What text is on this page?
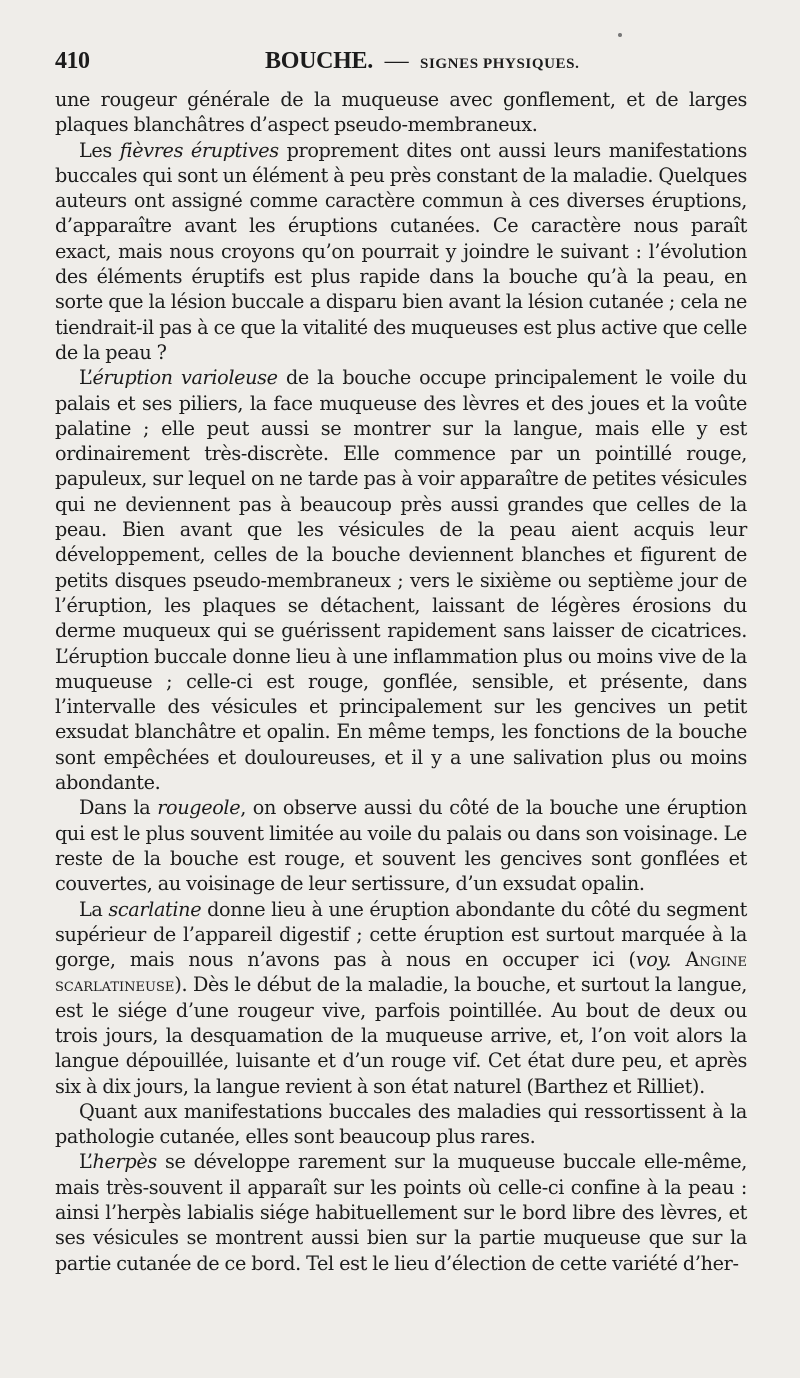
410	BOUCHE. — SIGNES PHYSIQUES.

une rougeur générale de la muqueuse avec gonflement, et de larges plaques blanchâtres d’aspect pseudo-membraneux.

Les fièvres éruptives proprement dites ont aussi leurs manifestations buccales qui sont un élément à peu près constant de la maladie. Quelques auteurs ont assigné comme caractère commun à ces diverses éruptions, d’apparaître avant les éruptions cutanées. Ce caractère nous paraît exact, mais nous croyons qu’on pourrait y joindre le suivant : l’évolution des éléments éruptifs est plus rapide dans la bouche qu’à la peau, en sorte que la lésion buccale a disparu bien avant la lésion cutanée ; cela ne tiendrait-il pas à ce que la vitalité des muqueuses est plus active que celle de la peau ?

L’éruption varioleuse de la bouche occupe principalement le voile du palais et ses piliers, la face muqueuse des lèvres et des joues et la voûte palatine ; elle peut aussi se montrer sur la langue, mais elle y est ordinairement très-discrète. Elle commence par un pointillé rouge, papuleux, sur lequel on ne tarde pas à voir apparaître de petites vésicules qui ne deviennent pas à beaucoup près aussi grandes que celles de la peau. Bien avant que les vésicules de la peau aient acquis leur développement, celles de la bouche deviennent blanches et figurent de petits disques pseudo-membraneux ; vers le sixième ou septième jour de l’éruption, les plaques se détachent, laissant de légères érosions du derme muqueux qui se guérissent rapidement sans laisser de cicatrices. L’éruption buccale donne lieu à une inflammation plus ou moins vive de la muqueuse ; celle-ci est rouge, gonflée, sensible, et présente, dans l’intervalle des vésicules et principalement sur les gencives un petit exsudat blanchâtre et opalin. En même temps, les fonctions de la bouche sont empêchées et douloureuses, et il y a une salivation plus ou moins abondante.

Dans la rougeole, on observe aussi du côté de la bouche une éruption qui est le plus souvent limitée au voile du palais ou dans son voisinage. Le reste de la bouche est rouge, et souvent les gencives sont gonflées et couvertes, au voisinage de leur sertissure, d’un exsudat opalin.

La scarlatine donne lieu à une éruption abondante du côté du segment supérieur de l’appareil digestif ; cette éruption est surtout marquée à la gorge, mais nous n’avons pas à nous en occuper ici (voy. Angine scarlatineuse). Dès le début de la maladie, la bouche, et surtout la langue, est le siége d’une rougeur vive, parfois pointillée. Au bout de deux ou trois jours, la desquamation de la muqueuse arrive, et, l’on voit alors la langue dépouillée, luisante et d’un rouge vif. Cet état dure peu, et après six à dix jours, la langue revient à son état naturel (Barthez et Rilliet).

Quant aux manifestations buccales des maladies qui ressortissent à la pathologie cutanée, elles sont beaucoup plus rares.

L’herpès se développe rarement sur la muqueuse buccale elle-même, mais très-souvent il apparaît sur les points où celle-ci confine à la peau : ainsi l’herpès labialis siége habituellement sur le bord libre des lèvres, et ses vésicules se montrent aussi bien sur la partie muqueuse que sur la partie cutanée de ce bord. Tel est le lieu d’élection de cette variété d’her-
